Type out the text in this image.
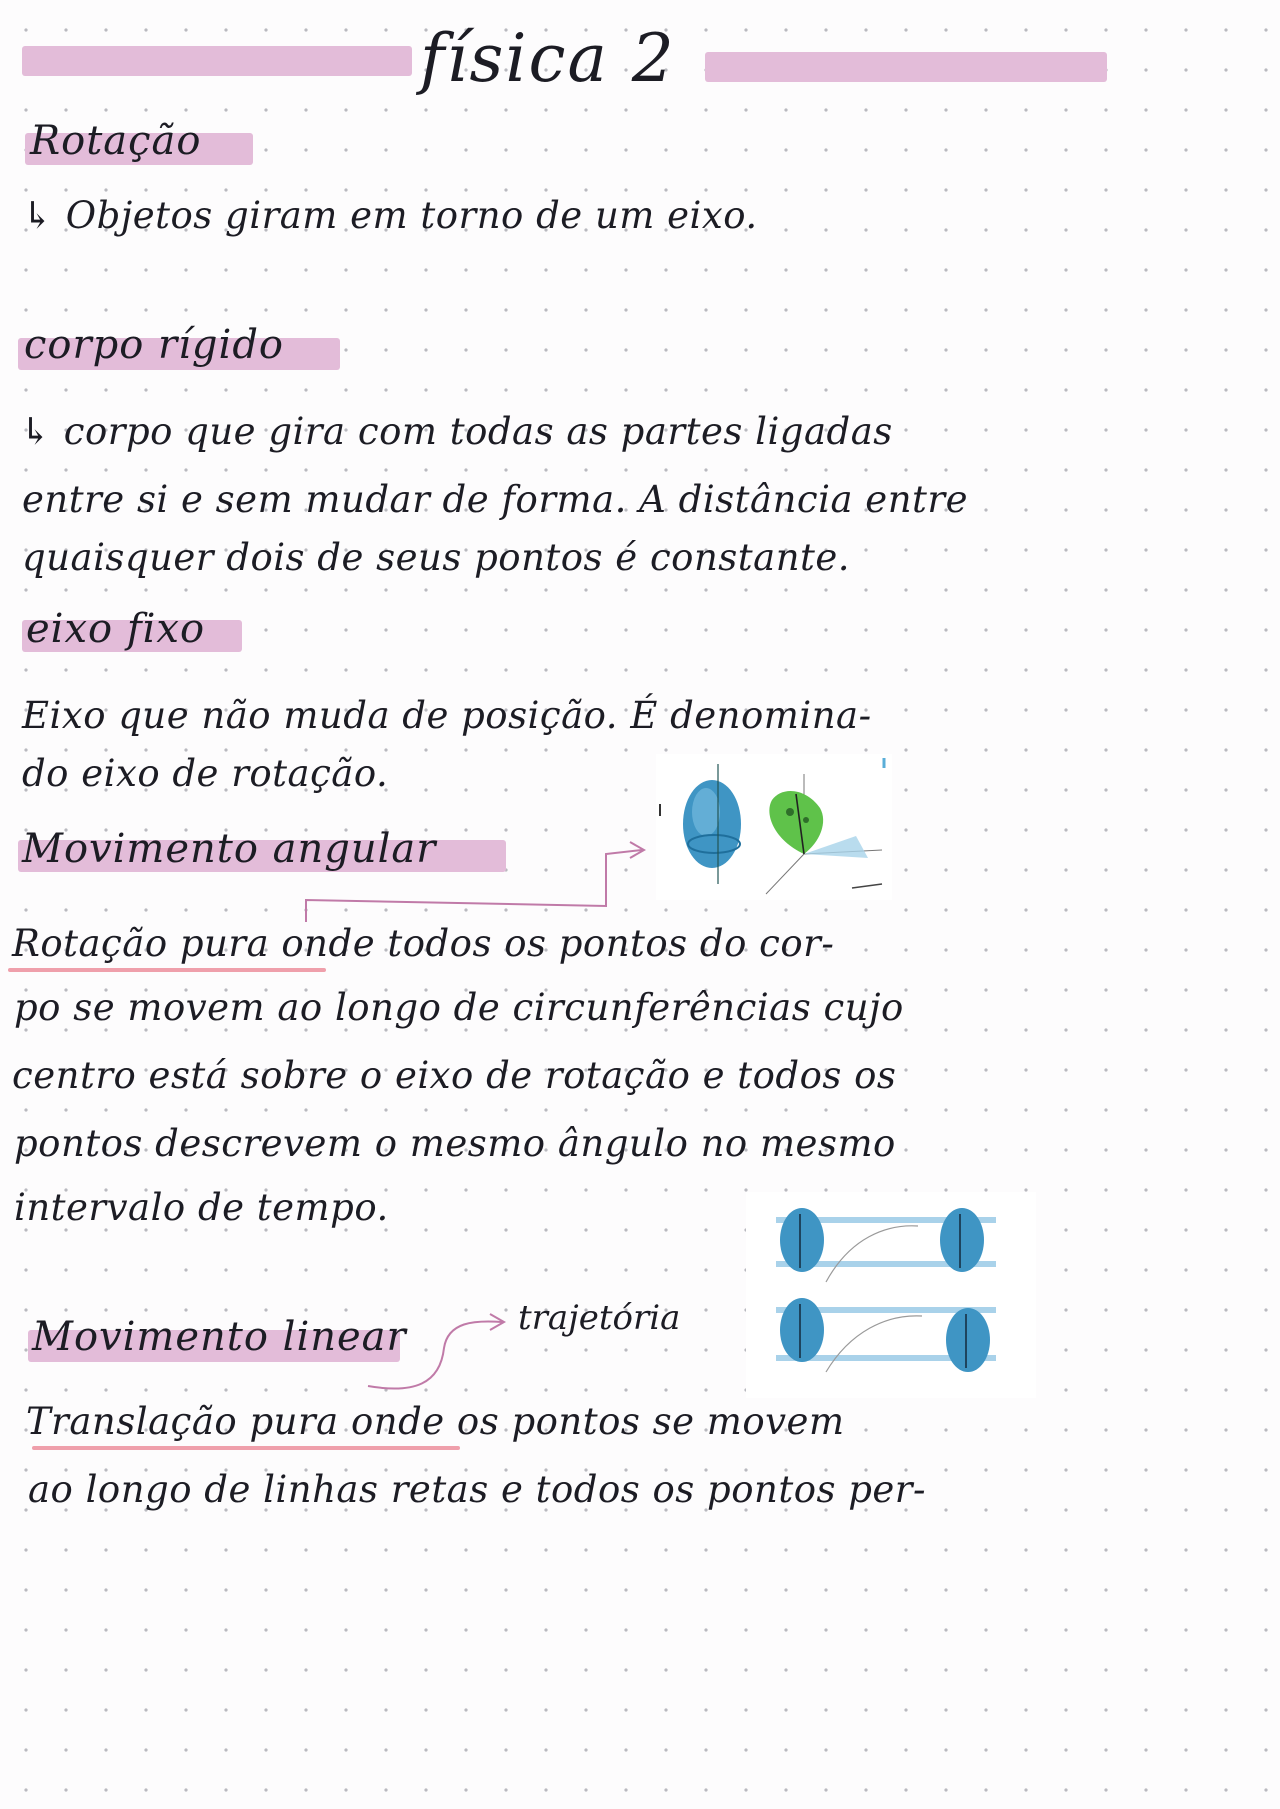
física 2
Rotação
↳ Objetos giram em torno de um eixo.
corpo rígido
↳ corpo que gira com todas as partes ligadas
entre si e sem mudar de forma. A distância entre
quaisquer dois de seus pontos é constante.
eixo fixo
Eixo que não muda de posição. É denomina-
do eixo de rotação.
Movimento angular
Rotação pura onde todos os pontos do cor-
po se movem ao longo de circunferências cujo
centro está sobre o eixo de rotação e todos os
pontos descrevem o mesmo ângulo no mesmo
intervalo de tempo.
trajetória
Movimento linear
Translação pura onde os pontos se movem
ao longo de linhas retas e todos os pontos per-
